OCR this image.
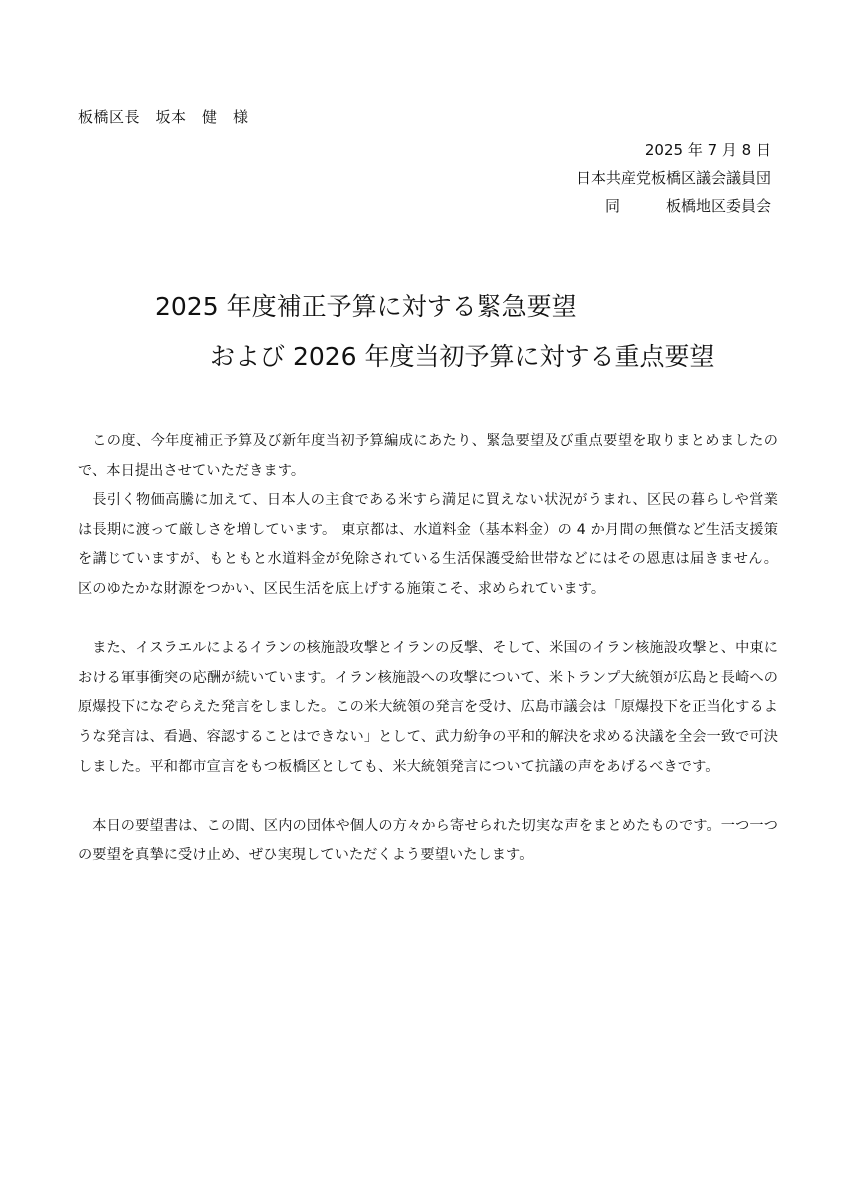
板橋区長　坂本　健　様
2025 年 7 月 8 日
日本共産党板橋区議会議員団
同	板橋地区委員会
2025 年度補正予算に対する緊急要望
および 2026 年度当初予算に対する重点要望

この度、今年度補正予算及び新年度当初予算編成にあたり、緊急要望及び重点要望を取りまとめましたので、本日提出させていただきます。

長引く物価高騰に加えて、日本人の主食である米すら満足に買えない状況がうまれ、区民の暮らしや営業は長期に渡って厳しさを増しています。 東京都は、水道料金（基本料金）の 4 か月間の無償など生活支援策を講じていますが、もともと水道料金が免除されている生活保護受給世帯などにはその恩恵は届きません。区のゆたかな財源をつかい、区民生活を底上げする施策こそ、求められています。

また、イスラエルによるイランの核施設攻撃とイランの反撃、そして、米国のイラン核施設攻撃と、中東における軍事衝突の応酬が続いています。イラン核施設への攻撃について、米トランプ大統領が広島と長崎への原爆投下になぞらえた発言をしました。この米大統領の発言を受け、広島市議会は「原爆投下を正当化するような発言は、看過、容認することはできない」として、武力紛争の平和的解決を求める決議を全会一致で可決しました。平和都市宣言をもつ板橋区としても、米大統領発言について抗議の声をあげるべきです。

本日の要望書は、この間、区内の団体や個人の方々から寄せられた切実な声をまとめたものです。一つ一つの要望を真摯に受け止め、ぜひ実現していただくよう要望いたします。
